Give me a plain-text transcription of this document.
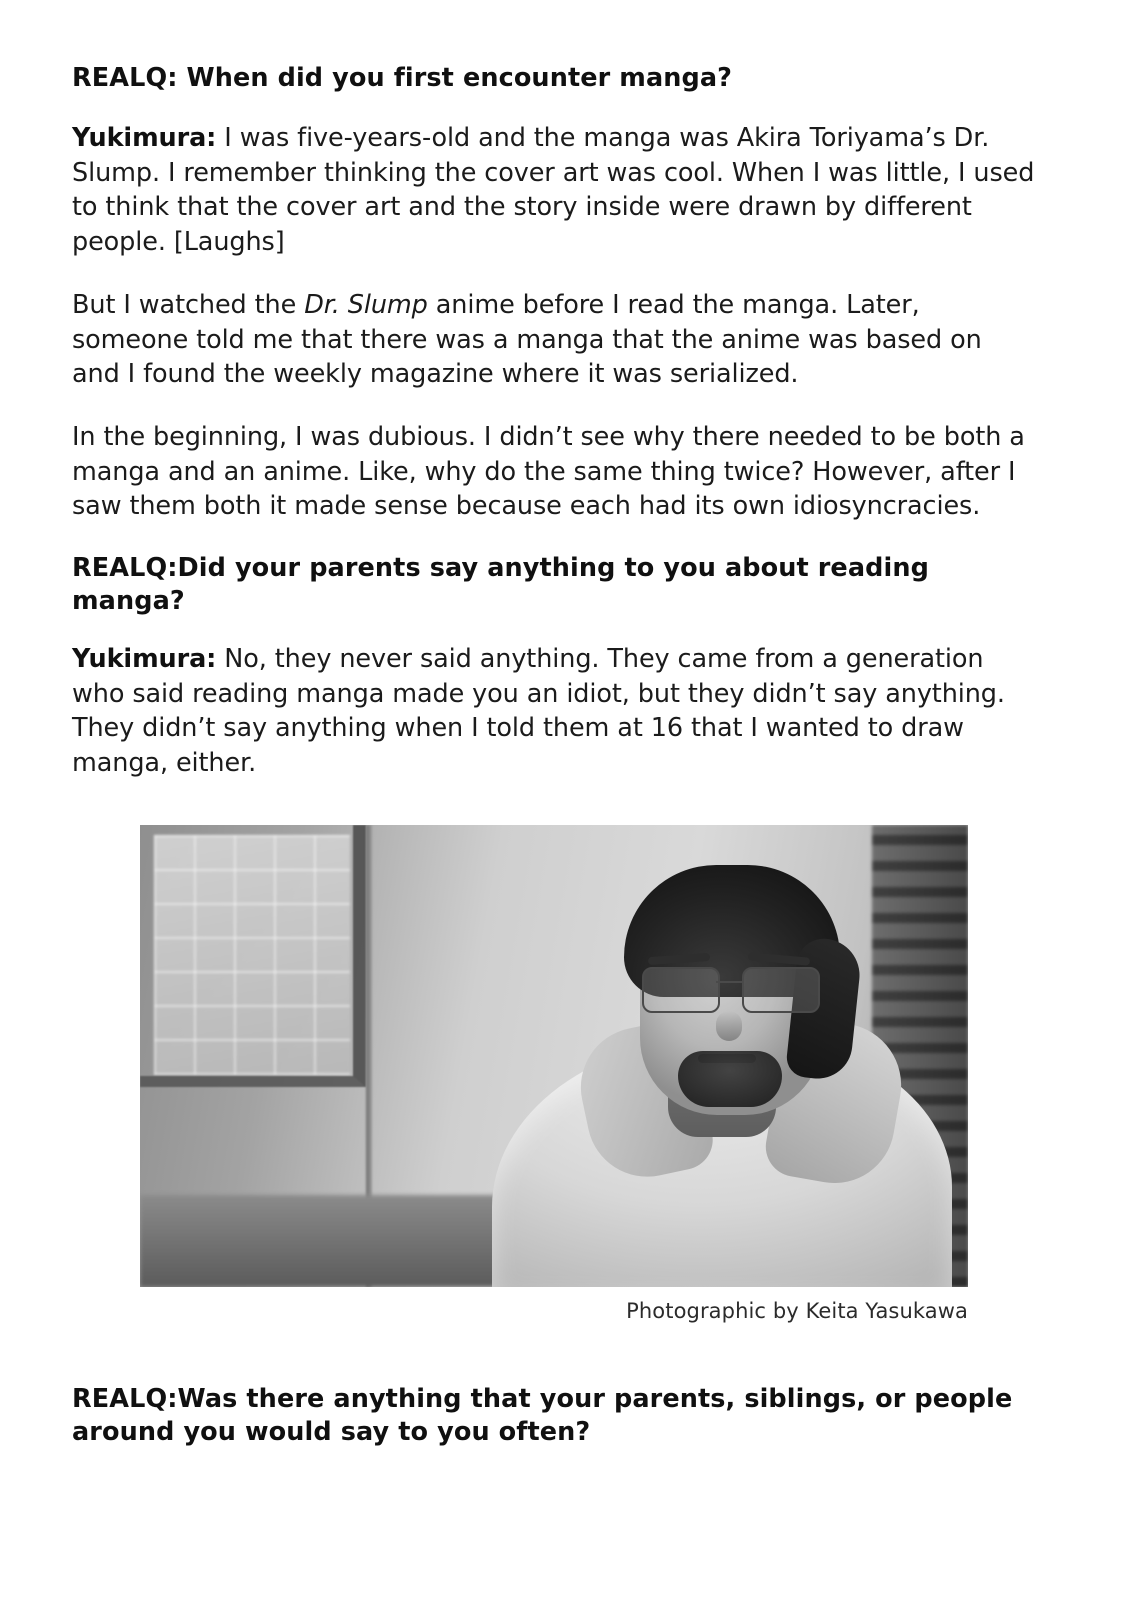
REALQ: When did you first encounter manga?

Yukimura: I was five-years-old and the manga was Akira Toriyama’s Dr. Slump. I remember thinking the cover art was cool. When I was little, I used to think that the cover art and the story inside were drawn by different people. [Laughs]

But I watched the Dr. Slump anime before I read the manga. Later, someone told me that there was a manga that the anime was based on and I found the weekly magazine where it was serialized.

In the beginning, I was dubious. I didn’t see why there needed to be both a manga and an anime. Like, why do the same thing twice? However, after I saw them both it made sense because each had its own idiosyncracies.

REALQ:Did your parents say anything to you about reading manga?

Yukimura: No, they never said anything. They came from a generation who said reading manga made you an idiot, but they didn’t say anything. They didn’t say anything when I told them at 16 that I wanted to draw manga, either.

Photographic by Keita Yasukawa
REALQ:Was there anything that your parents, siblings, or people around you would say to you often?
